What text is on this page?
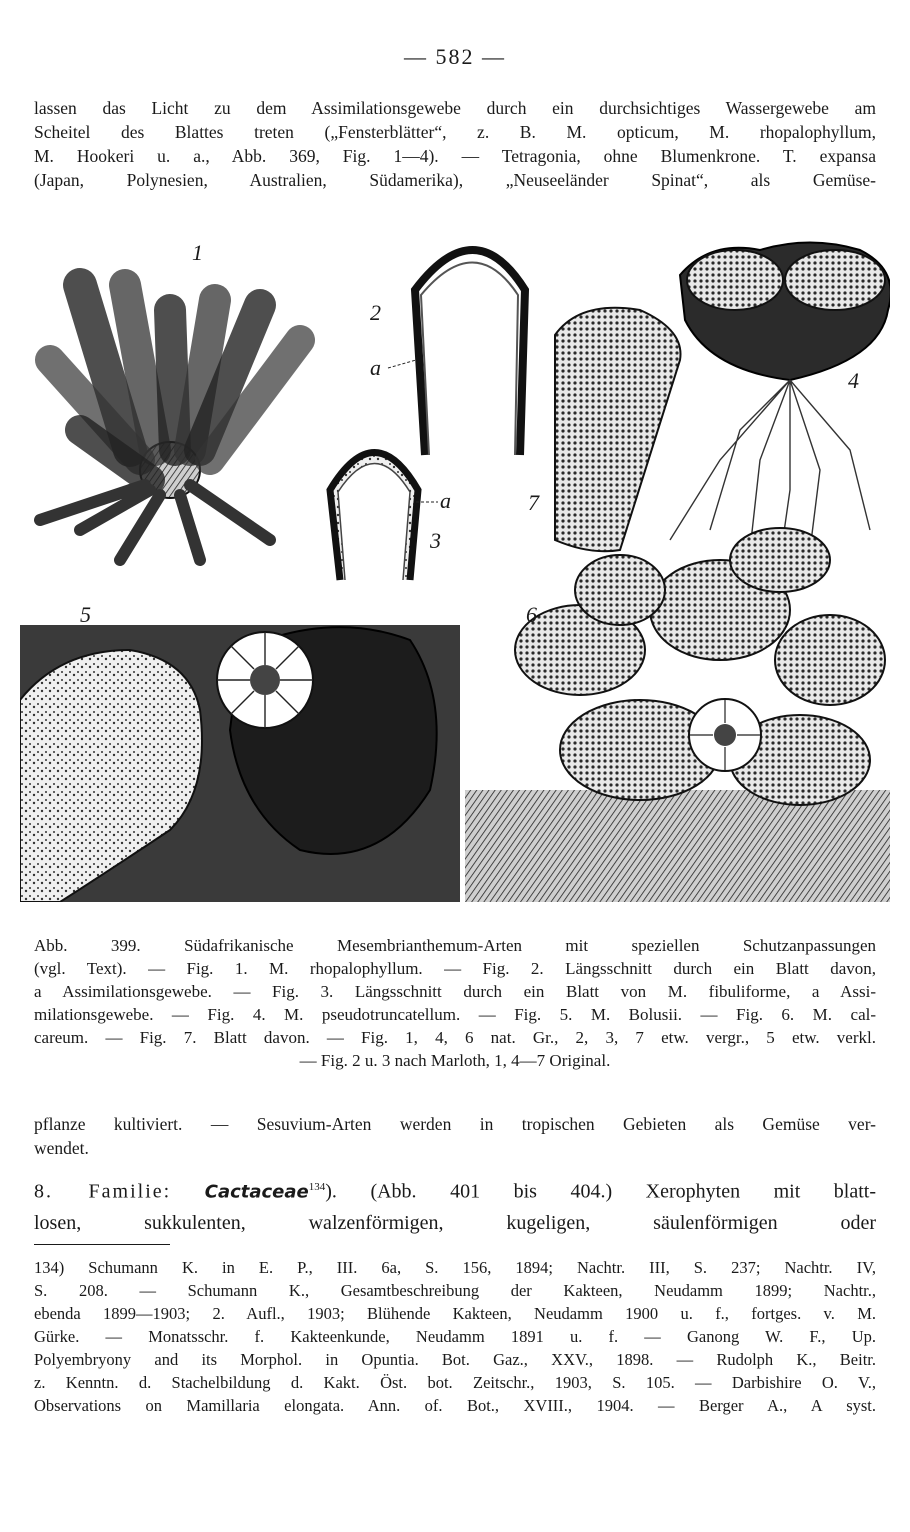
— 582 —
lassen das Licht zu dem Assimilationsgewebe durch ein durchsichtiges Wassergewebe am
Scheitel des Blattes treten („Fensterblätter“, z. B. M. opticum, M. rhopalophyllum,
M. Hookeri u. a., Abb. 369, Fig. 1—4). — Tetragonia, ohne Blumenkrone. T. expansa
(Japan, Polynesien, Australien, Südamerika), „Neuseeländer Spinat“, als Gemüse-
1
2
a
a
3
7
4
5	6
Abb. 399. Südafrikanische Mesembrianthemum-Arten mit speziellen Schutzanpassungen
(vgl. Text). — Fig. 1. M. rhopalophyllum. — Fig. 2. Längsschnitt durch ein Blatt davon,
a Assimilationsgewebe. — Fig. 3. Längsschnitt durch ein Blatt von M. fibuliforme, a Assi-
milationsgewebe. — Fig. 4. M. pseudotruncatellum. — Fig. 5. M. Bolusii. — Fig. 6. M. cal-
careum. — Fig. 7. Blatt davon. — Fig. 1, 4, 6 nat. Gr., 2, 3, 7 etw. vergr., 5 etw. verkl.
— Fig. 2 u. 3 nach Marloth, 1, 4—7 Original.
pflanze kultiviert. — Sesuvium-Arten werden in tropischen Gebieten als Gemüse ver-
wendet.
8. Familie: Cactaceae$^{134}$). (Abb. 401 bis 404.) Xerophyten mit blatt-
losen, sukkulenten, walzenförmigen, kugeligen, säulenförmigen oder
134) Schumann K. in E. P., III. 6a, S. 156, 1894; Nachtr. III, S. 237; Nachtr. IV,
S. 208. — Schumann K., Gesamtbeschreibung der Kakteen, Neudamm 1899; Nachtr.,
ebenda 1899—1903; 2. Aufl., 1903; Blühende Kakteen, Neudamm 1900 u. f., fortges. v. M.
Gürke. — Monatsschr. f. Kakteenkunde, Neudamm 1891 u. f. — Ganong W. F., Up.
Polyembryony and its Morphol. in Opuntia. Bot. Gaz., XXV., 1898. — Rudolph K., Beitr.
z. Kenntn. d. Stachelbildung d. Kakt. Öst. bot. Zeitschr., 1903, S. 105. — Darbishire O. V.,
Observations on Mamillaria elongata. Ann. of. Bot., XVIII., 1904. — Berger A., A syst.
